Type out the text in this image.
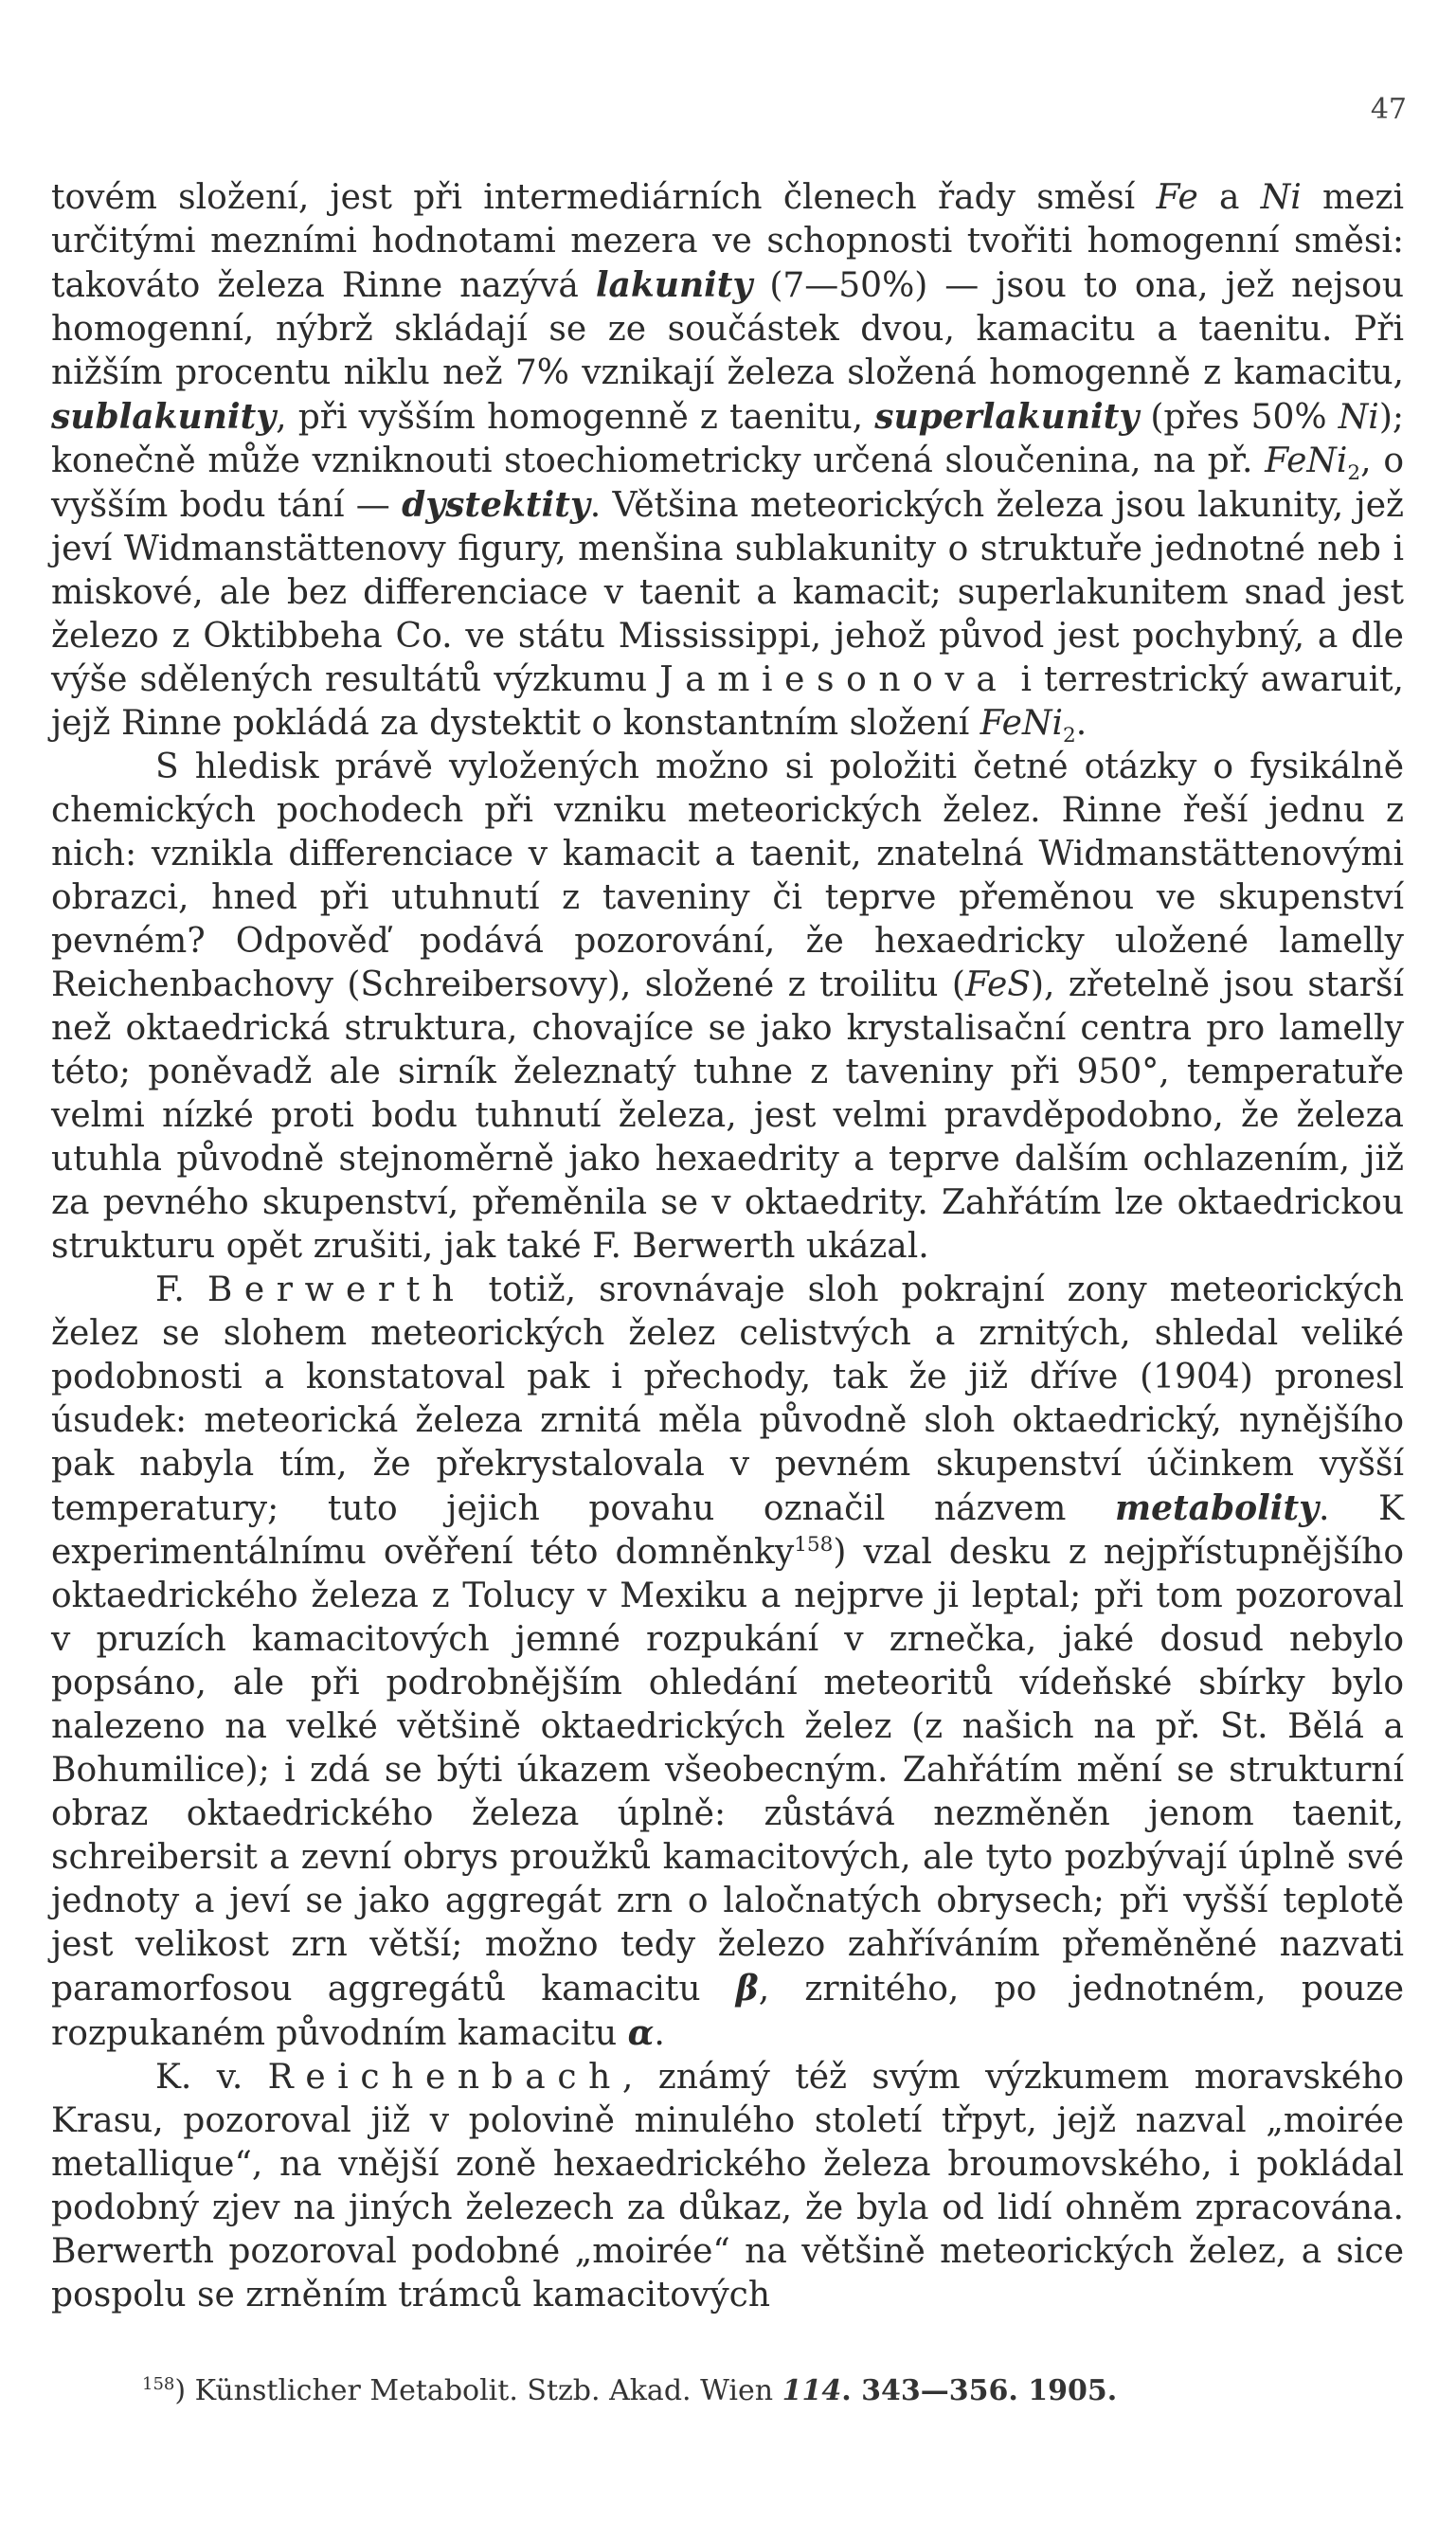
47

tovém složení, jest při intermediárních členech řady směsí Fe a Ni mezi určitými mezními hodnotami mezera ve schopnosti tvořiti homogenní směsi: takováto železa Rinne nazývá lakunity (7—50%) — jsou to ona, jež nejsou homogenní, nýbrž skládají se ze součástek dvou, kamacitu a taenitu. Při nižším procentu niklu než 7% vznikají železa složená homogenně z kamacitu, sublakunity, při vyšším homogenně z taenitu, superlakunity (přes 50% Ni); konečně může vzniknouti stoechiometricky určená sloučenina, na př. FeNi$_2$, o vyšším bodu tání — dystektity. Většina meteorických železa jsou lakunity, jež jeví Widmanstättenovy figury, menšina sublakunity o struktuře jednotné neb i miskové, ale bez differenciace v taenit a kamacit; superlakunitem snad jest železo z Oktibbeha Co. ve státu Mississippi, jehož původ jest pochybný, a dle výše sdělených resultátů výzkumu Jamiesonova i terrestrický awaruit, jejž Rinne pokládá za dystektit o konstantním složení FeNi$_2$.

S hledisk právě vyložených možno si položiti četné otázky o fysikálně chemických pochodech při vzniku meteorických želez. Rinne řeší jednu z nich: vznikla differenciace v kamacit a taenit, znatelná Widmanstättenovými obrazci, hned při utuhnutí z taveniny či teprve přeměnou ve skupenství pevném? Odpověď podává pozorování, že hexaedricky uložené lamelly Reichenbachovy (Schreibersovy), složené z troilitu (FeS), zřetelně jsou starší než oktaedrická struktura, chovajíce se jako krystalisační centra pro lamelly této; poněvadž ale sirník železnatý tuhne z taveniny při 950°, temperatuře velmi nízké proti bodu tuhnutí železa, jest velmi pravděpodobno, že železa utuhla původně stejnoměrně jako hexaedrity a teprve dalším ochlazením, již za pevného skupenství, přeměnila se v oktaedrity. Zahřátím lze oktaedrickou strukturu opět zrušiti, jak také F. Berwerth ukázal.

F. Berwerth totiž, srovnávaje sloh pokrajní zony meteorických želez se slohem meteorických želez celistvých a zrnitých, shledal veliké podobnosti a konstatoval pak i přechody, tak že již dříve (1904) pronesl úsudek: meteorická železa zrnitá měla původně sloh oktaedrický, nynějšího pak nabyla tím, že překrystalovala v pevném skupenství účinkem vyšší temperatury; tuto jejich povahu označil názvem metabolity. K experimentálnímu ověření této domněnky$^{158}$) vzal desku z nejpřístupnějšího oktaedrického železa z Tolucy v Mexiku a nejprve ji leptal; při tom pozoroval v pruzích kamacitových jemné rozpukání v zrnečka, jaké dosud nebylo popsáno, ale při podrobnějším ohledání meteoritů vídeňské sbírky bylo nalezeno na velké většině oktaedrických želez (z našich na př. St. Bělá a Bohumilice); i zdá se býti úkazem všeobecným. Zahřátím mění se strukturní obraz oktaedrického železa úplně: zůstává nezměněn jenom taenit, schreibersit a zevní obrys proužků kamacitových, ale tyto pozbývají úplně své jednoty a jeví se jako aggregát zrn o laločnatých obrysech; při vyšší teplotě jest velikost zrn větší; možno tedy železo zahříváním přeměněné nazvati paramorfosou aggregátů kamacitu β, zrnitého, po jednotném, pouze rozpukaném původním kamacitu α.

K. v. Reichenbach, známý též svým výzkumem moravského Krasu, pozoroval již v polovině minulého století třpyt, jejž nazval „moirée metallique“, na vnější zoně hexaedrického železa broumovského, i pokládal podobný zjev na jiných železech za důkaz, že byla od lidí ohněm zpracována. Berwerth pozoroval podobné „moirée“ na většině meteorických želez, a sice pospolu se zrněním trámců kamacitových

$^{158}$) Künstlicher Metabolit. Stzb. Akad. Wien 114. 343—356. 1905.
